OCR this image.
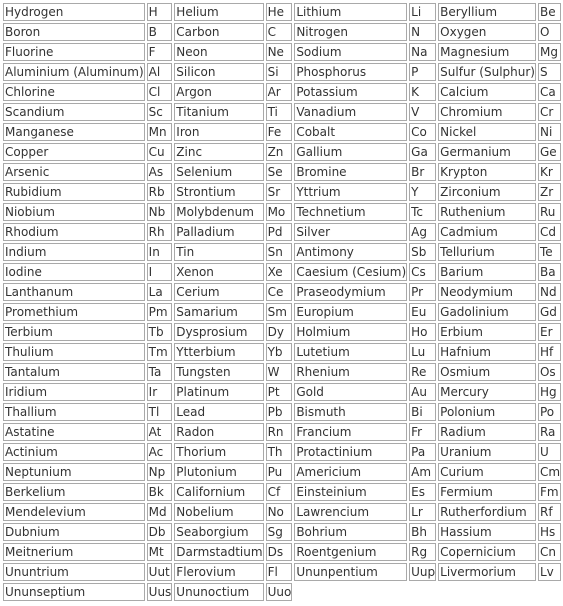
Hydrogen	H	Helium	He	Lithium	Li	Beryllium	Be
Boron	B	Carbon	C	Nitrogen	N	Oxygen	O
Fluorine	F	Neon	Ne	Sodium	Na	Magnesium	Mg
Aluminium (Aluminum)	Al	Silicon	Si	Phosphorus	P	Sulfur (Sulphur)	S
Chlorine	Cl	Argon	Ar	Potassium	K	Calcium	Ca
Scandium	Sc	Titanium	Ti	Vanadium	V	Chromium	Cr
Manganese	Mn	Iron	Fe	Cobalt	Co	Nickel	Ni
Copper	Cu	Zinc	Zn	Gallium	Ga	Germanium	Ge
Arsenic	As	Selenium	Se	Bromine	Br	Krypton	Kr
Rubidium	Rb	Strontium	Sr	Yttrium	Y	Zirconium	Zr
Niobium	Nb	Molybdenum	Mo	Technetium	Tc	Ruthenium	Ru
Rhodium	Rh	Palladium	Pd	Silver	Ag	Cadmium	Cd
Indium	In	Tin	Sn	Antimony	Sb	Tellurium	Te
Iodine	I	Xenon	Xe	Caesium (Cesium)	Cs	Barium	Ba
Lanthanum	La	Cerium	Ce	Praseodymium	Pr	Neodymium	Nd
Promethium	Pm	Samarium	Sm	Europium	Eu	Gadolinium	Gd
Terbium	Tb	Dysprosium	Dy	Holmium	Ho	Erbium	Er
Thulium	Tm	Ytterbium	Yb	Lutetium	Lu	Hafnium	Hf
Tantalum	Ta	Tungsten	W	Rhenium	Re	Osmium	Os
Iridium	Ir	Platinum	Pt	Gold	Au	Mercury	Hg
Thallium	Tl	Lead	Pb	Bismuth	Bi	Polonium	Po
Astatine	At	Radon	Rn	Francium	Fr	Radium	Ra
Actinium	Ac	Thorium	Th	Protactinium	Pa	Uranium	U
Neptunium	Np	Plutonium	Pu	Americium	Am	Curium	Cm
Berkelium	Bk	Californium	Cf	Einsteinium	Es	Fermium	Fm
Mendelevium	Md	Nobelium	No	Lawrencium	Lr	Rutherfordium	Rf
Dubnium	Db	Seaborgium	Sg	Bohrium	Bh	Hassium	Hs
Meitnerium	Mt	Darmstadtium	Ds	Roentgenium	Rg	Copernicium	Cn
Ununtrium	Uut	Flerovium	Fl	Ununpentium	Uup	Livermorium	Lv
Ununseptium	Uus	Ununoctium	Uuo				
